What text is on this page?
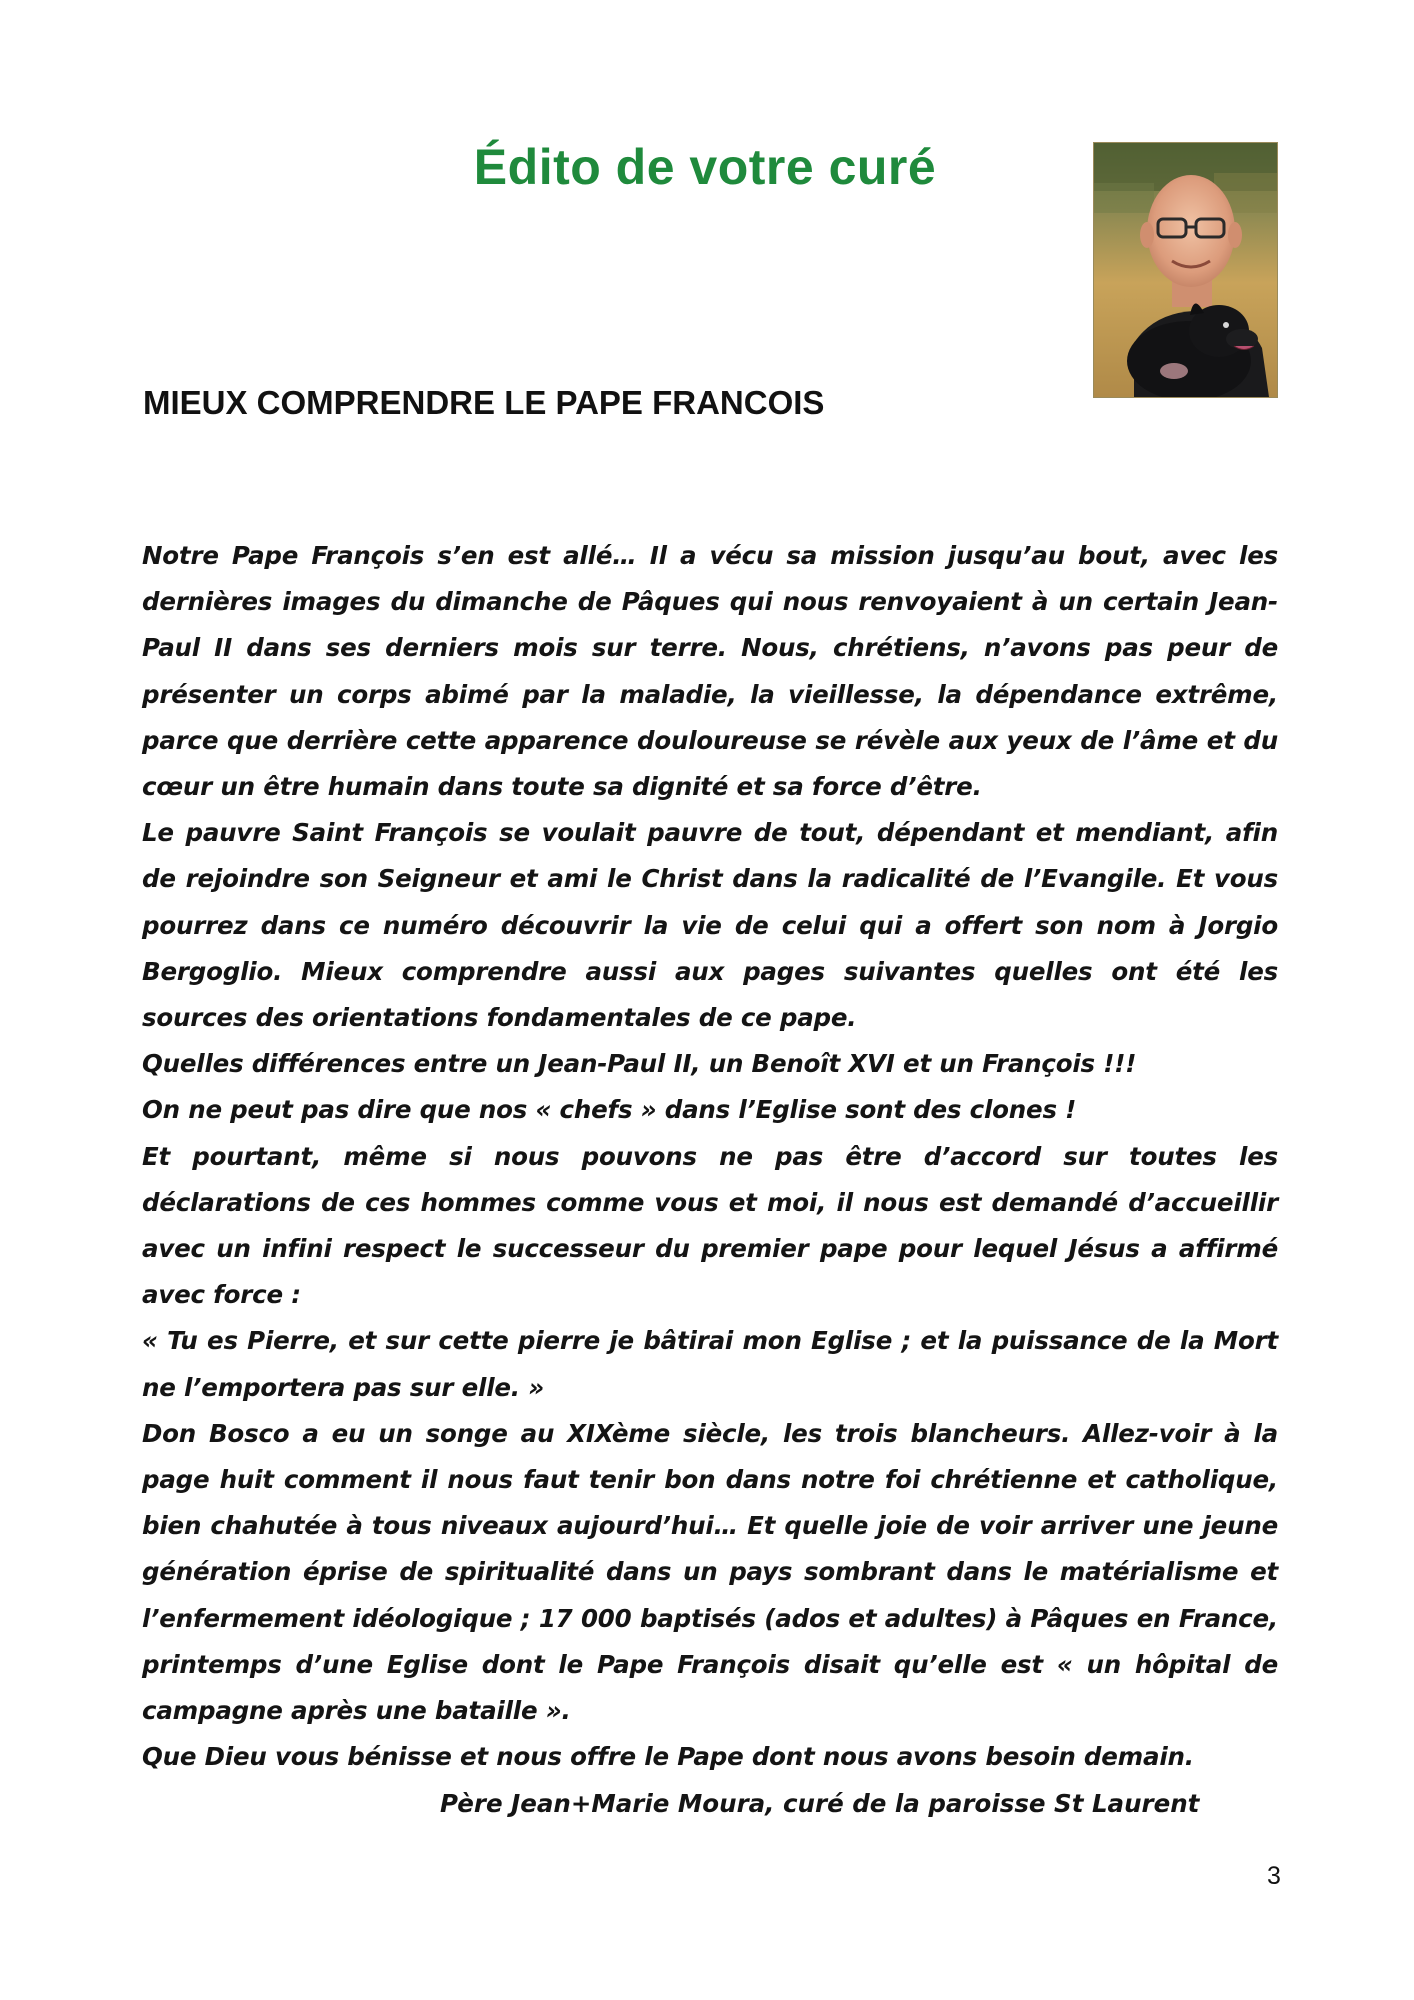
Édito de votre curé
MIEUX COMPRENDRE LE PAPE FRANCOIS

Notre Pape François s’en est allé… Il a vécu sa mission jusqu’au bout, avec les dernières images du dimanche de Pâques qui nous renvoyaient à un certain Jean-Paul II dans ses derniers mois sur terre. Nous, chrétiens, n’avons pas peur de présenter un corps abimé par la maladie, la vieillesse, la dépendance extrême, parce que derrière cette apparence douloureuse se révèle aux yeux de l’âme et du cœur un être humain dans toute sa dignité et sa force d’être.

Le pauvre Saint François se voulait pauvre de tout, dépendant et mendiant, afin de rejoindre son Seigneur et ami le Christ dans la radicalité de l’Evangile. Et vous pourrez dans ce numéro découvrir la vie de celui qui a offert son nom à Jorgio Bergoglio. Mieux comprendre aussi aux pages suivantes quelles ont été les sources des orientations fondamentales de ce pape.

Quelles différences entre un Jean-Paul II, un Benoît XVI et un François !!!

On ne peut pas dire que nos « chefs » dans l’Eglise sont des clones !

Et pourtant, même si nous pouvons ne pas être d’accord sur toutes les déclarations de ces hommes comme vous et moi, il nous est demandé d’accueillir avec un infini respect le successeur du premier pape pour lequel Jésus a affirmé avec force :

« Tu es Pierre, et sur cette pierre je bâtirai mon Eglise ; et la puissance de la Mort ne l’emportera pas sur elle. »

Don Bosco a eu un songe au XIXème siècle, les trois blancheurs. Allez-voir à la page huit comment il nous faut tenir bon dans notre foi chrétienne et catholique, bien chahutée à tous niveaux aujourd’hui… Et quelle joie de voir arriver une jeune génération éprise de spiritualité dans un pays sombrant dans le matérialisme et l’enfermement idéologique ; 17 000 baptisés (ados et adultes) à Pâques en France, printemps d’une Eglise dont le Pape François disait qu’elle est « un hôpital de campagne après une bataille ».

Que Dieu vous bénisse et nous offre le Pape dont nous avons besoin demain.

Père Jean+Marie Moura, curé de la paroisse St Laurent

3
